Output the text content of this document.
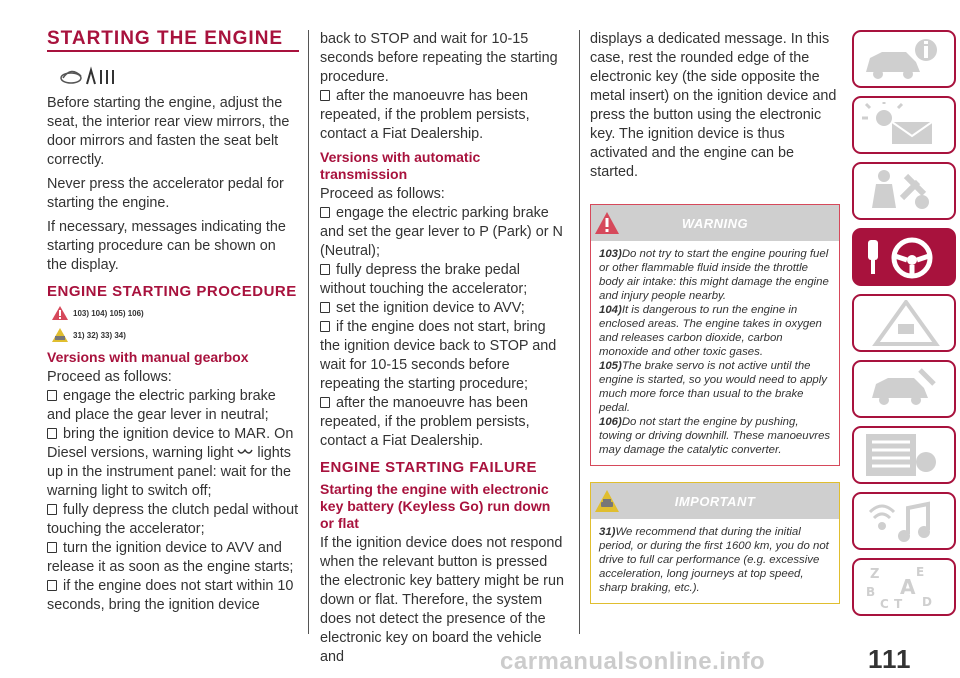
STARTING THE ENGINE

Before starting the engine, adjust the seat, the interior rear view mirrors, the door mirrors and fasten the seat belt correctly.

Never press the accelerator pedal for starting the engine.

If necessary, messages indicating the starting procedure can be shown on the display.

ENGINE STARTING PROCEDURE
103) 104) 105) 106)
31) 32) 33) 34)
Versions with manual gearbox

Proceed as follows:

engage the electric parking brake and place the gear lever in neutral;

bring the ignition device to MAR. On Diesel versions, warning light lights up in the instrument panel: wait for the warning light to switch off;

fully depress the clutch pedal without touching the accelerator;

turn the ignition device to AVV and release it as soon as the engine starts;

if the engine does not start within 10 seconds, bring the ignition device

back to STOP and wait for 10-15 seconds before repeating the starting procedure.

after the manoeuvre has been repeated, if the problem persists, contact a Fiat Dealership.

Versions with automatic transmission

Proceed as follows:

engage the electric parking brake and set the gear lever to P (Park) or N (Neutral);

fully depress the brake pedal without touching the accelerator;

set the ignition device to AVV;

if the engine does not start, bring the ignition device back to STOP and wait for 10-15 seconds before repeating the starting procedure;

after the manoeuvre has been repeated, if the problem persists, contact a Fiat Dealership.

ENGINE STARTING FAILURE
Starting the engine with electronic key battery (Keyless Go) run down or flat

If the ignition device does not respond when the relevant button is pressed the electronic key battery might be run down or flat. Therefore, the system does not detect the presence of the electronic key on board the vehicle and

displays a dedicated message. In this case, rest the rounded edge of the electronic key (the side opposite the metal insert) on the ignition device and press the button using the electronic key. The ignition device is thus activated and the engine can be started.

WARNING
103)Do not try to start the engine pouring fuel or other flammable fluid inside the throttle body air intake: this might damage the engine and injury people nearby.
104)It is dangerous to run the engine in enclosed areas. The engine takes in oxygen and releases carbon dioxide, carbon monoxide and other toxic gases.
105)The brake servo is not active until the engine is started, so you would need to apply much more force than usual to the brake pedal.
106)Do not start the engine by pushing, towing or driving downhill. These manoeuvres may damage the catalytic converter.
IMPORTANT
31)We recommend that during the initial period, or during the first 1600 km, you do not drive to full car performance (e.g. excessive acceleration, long journeys at top speed, sharp braking, etc.).
Z	E
B A
C T D
carmanualsonline.info	111
